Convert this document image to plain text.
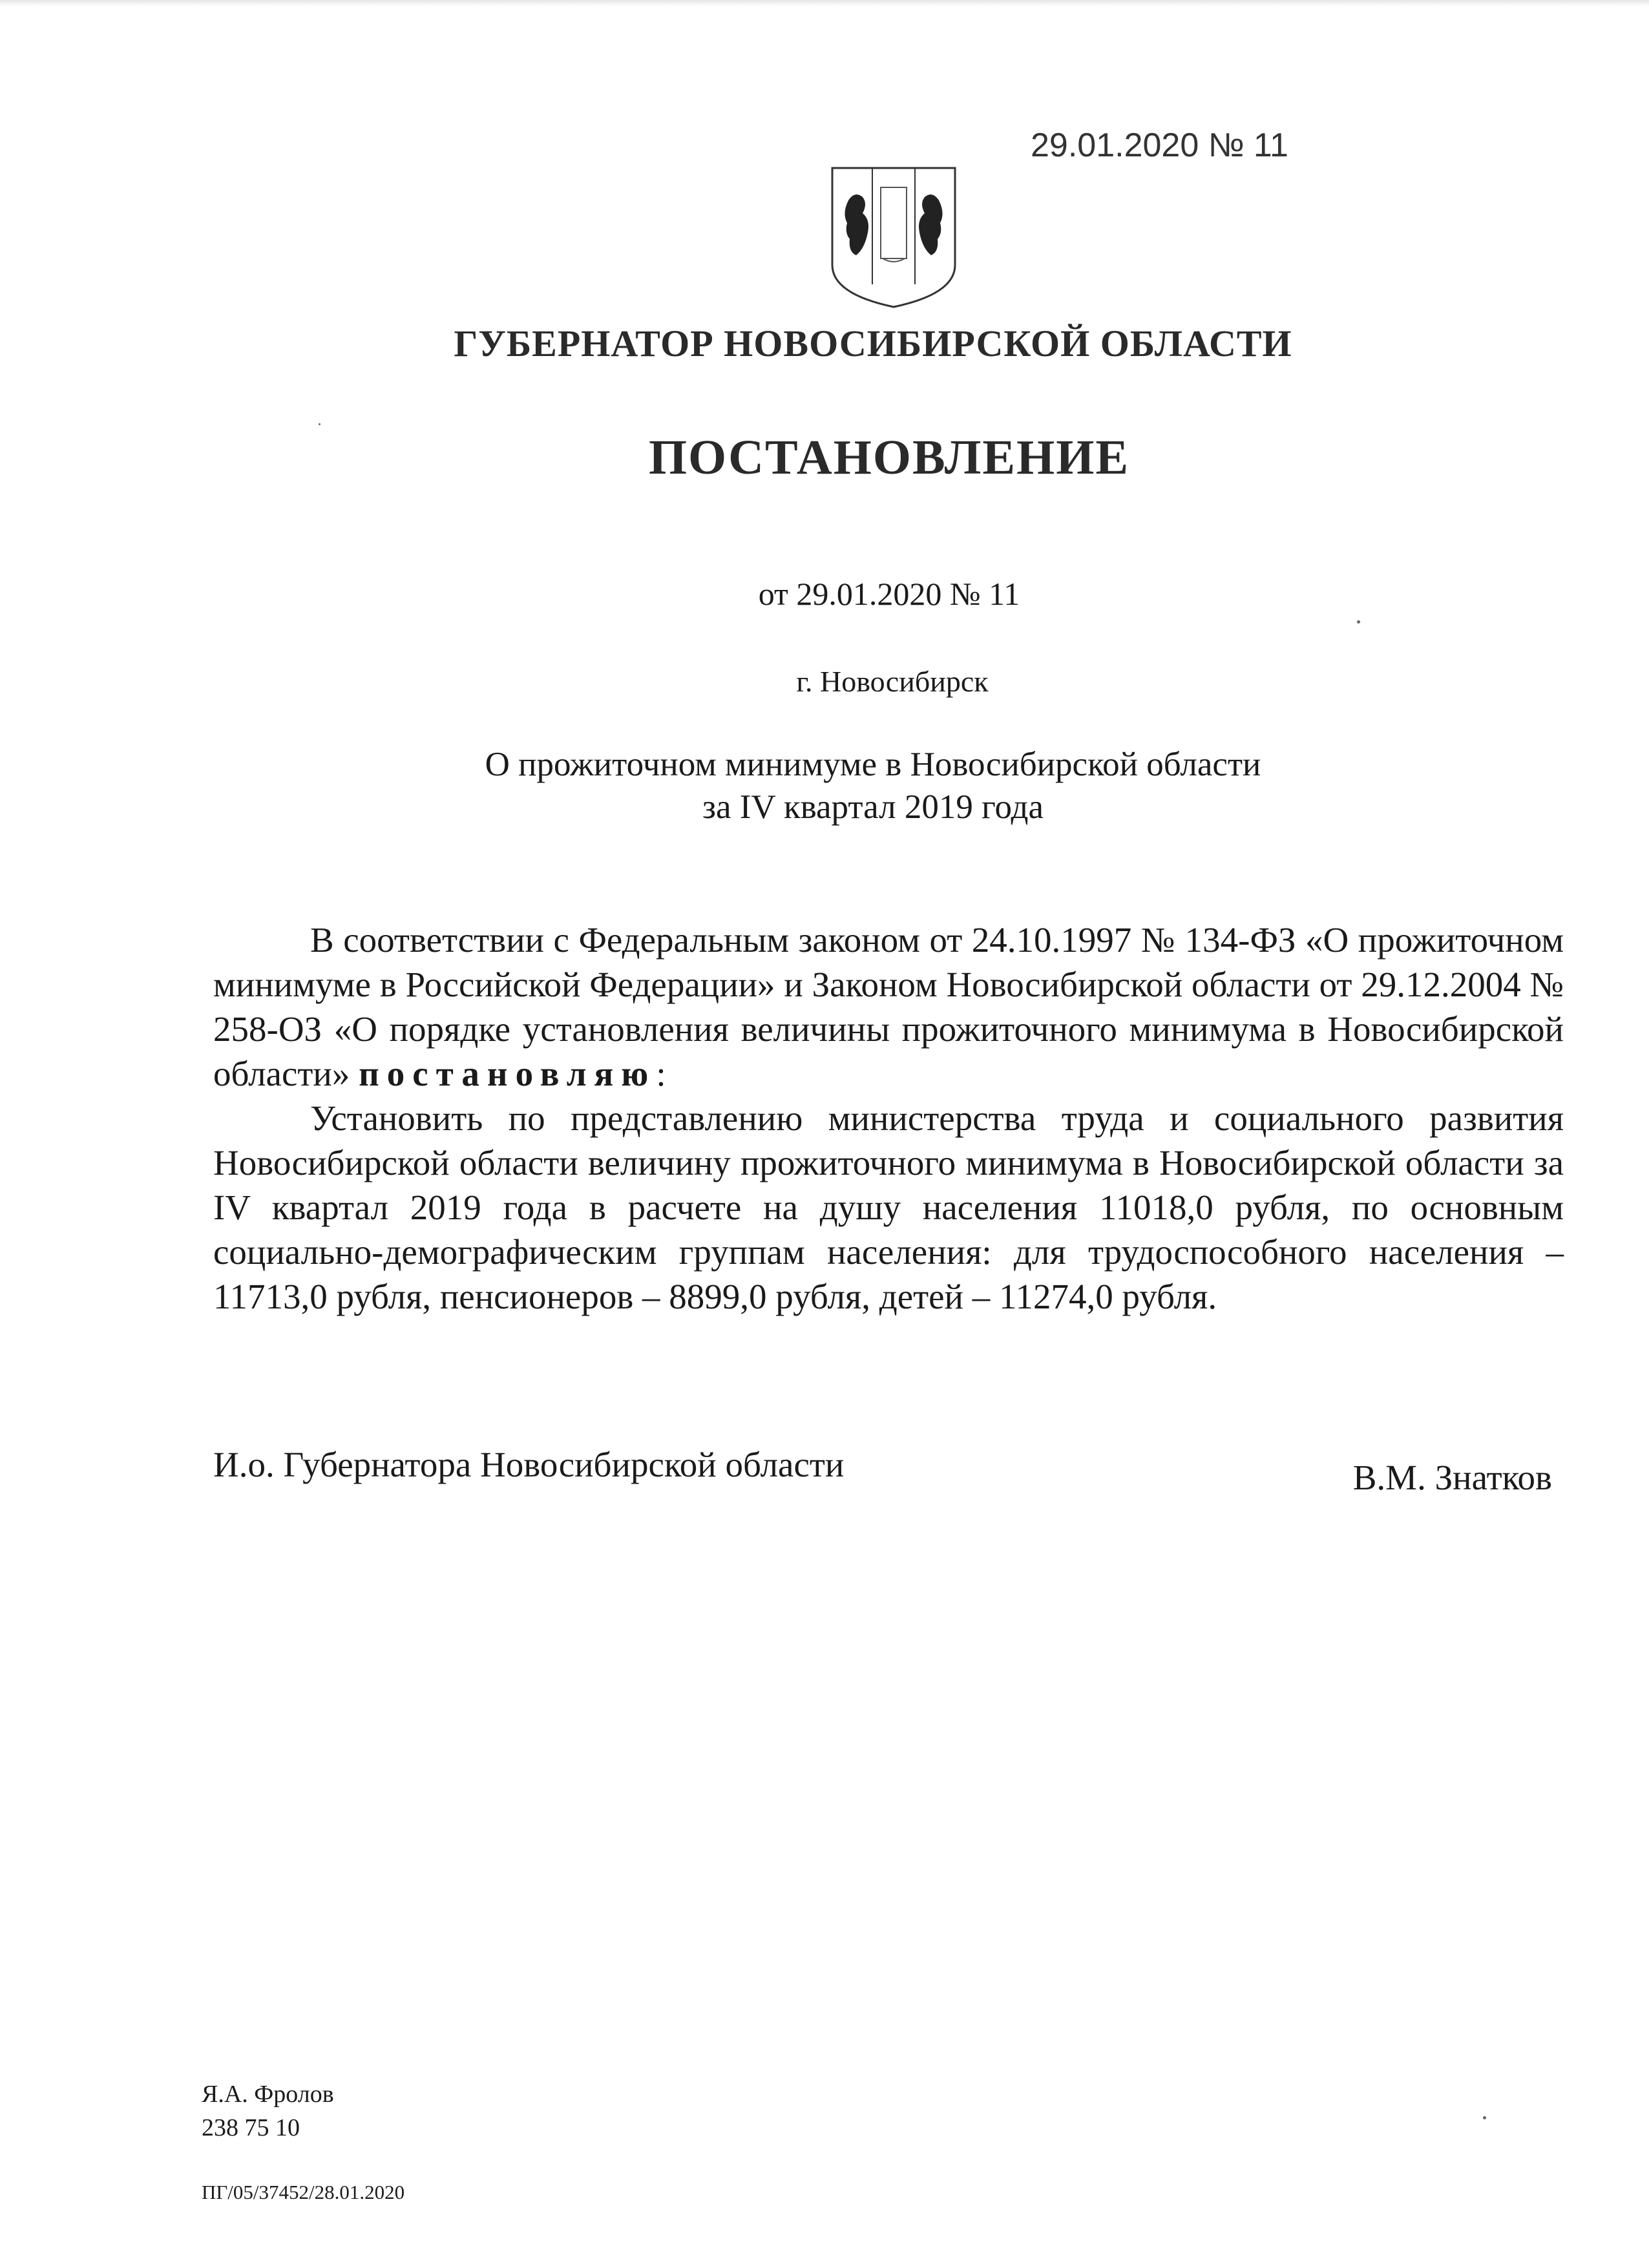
29.01.2020 № 11
ГУБЕРНАТОР НОВОСИБИРСКОЙ ОБЛАСТИ
ПОСТАНОВЛЕНИЕ
от 29.01.2020 № 11
г. Новосибирск
О прожиточном минимуме в Новосибирской области
за IV квартал 2019 года

В соответствии с Федеральным законом от 24.10.1997 № 134-ФЗ «О прожиточном минимуме в Российской Федерации» и Законом Новосибирской области от 29.12.2004 № 258-ОЗ «О порядке установления величины прожиточного минимума в Новосибирской области» постановляю:

Установить по представлению министерства труда и социального развития Новосибирской области величину прожиточного минимума в Новосибирской области за IV квартал 2019 года в расчете на душу населения 11018,0 рубля, по основным социально-демографическим группам населения: для трудоспособного населения – 11713,0 рубля, пенсионеров – 8899,0 рубля, детей – 11274,0 рубля.

И.о. Губернатора Новосибирской области	В.М. Знатков
Я.А. Фролов
238 75 10
ПГ/05/37452/28.01.2020
